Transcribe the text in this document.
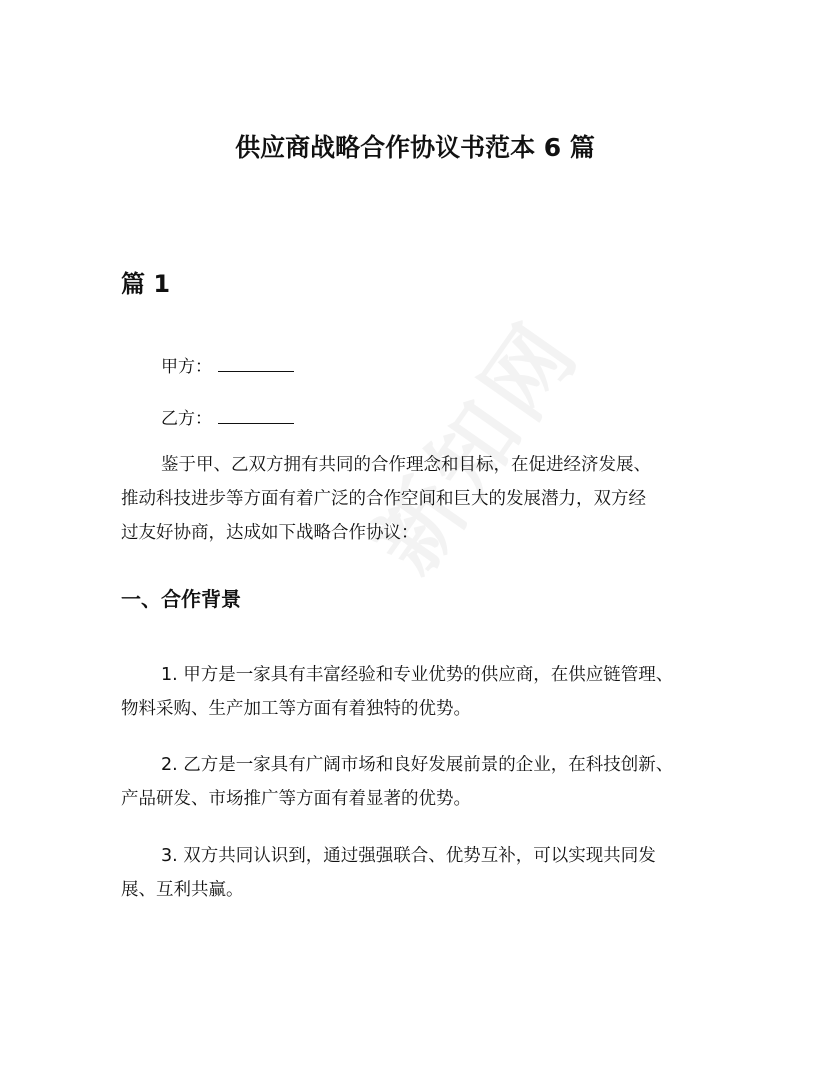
供应商战略合作协议书范本 6 篇
篇 1

甲方：

乙方：

鉴于甲、乙双方拥有共同的合作理念和目标，在促进经济发展、
推动科技进步等方面有着广泛的合作空间和巨大的发展潜力，双方经
过友好协商，达成如下战略合作协议：

一、合作背景

1. 甲方是一家具有丰富经验和专业优势的供应商，在供应链管理、
物料采购、生产加工等方面有着独特的优势。

2. 乙方是一家具有广阔市场和良好发展前景的企业，在科技创新、
产品研发、市场推广等方面有着显著的优势。

3. 双方共同认识到，通过强强联合、优势互补，可以实现共同发
展、互利共赢。
